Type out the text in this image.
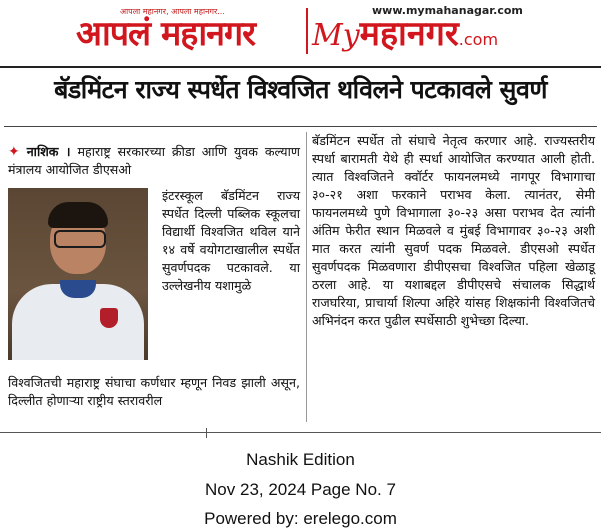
आपला महानगर, आपला महानगर...
आपलं महानगर
www.mymahanagar.com
Myमहानगर.com
बॅडमिंटन राज्य स्पर्धेत विश्वजित थविलने पटकावले सुवर्ण

✦ नाशिक । महाराष्ट्र सरकारच्या क्रीडा आणि युवक कल्याण मंत्रालय आयोजित डीएसओ

इंटरस्कूल बॅडमिंटन राज्य स्पर्धेत दिल्ली पब्लिक स्कूलचा विद्यार्थी विश्वजित थविल याने १४ वर्षे वयोगटाखालील स्पर्धेत सुवर्णपदक पटकावले. या उल्लेखनीय यशामुळे

विश्वजितची महाराष्ट्र संघाचा कर्णधार म्हणून निवड झाली असून, दिल्लीत होणाऱ्या राष्ट्रीय स्तरावरील

बॅडमिंटन स्पर्धेत तो संघाचे नेतृत्व करणार आहे. राज्यस्तरीय स्पर्धा बारामती येथे ही स्पर्धा आयोजित करण्यात आली होती. त्यात विश्वजितने क्वॉर्टर फायनलमध्ये नागपूर विभागाचा ३०-२१ अशा फरकाने पराभव केला. त्यानंतर, सेमी फायनलमध्ये पुणे विभागाला ३०-२३ असा पराभव देत त्यांनी अंतिम फेरीत स्थान मिळवले व मुंबई विभागावर ३०-२३ अशी मात करत त्यांनी सुवर्ण पदक मिळवले. डीएसओ स्पर्धेत सुवर्णपदक मिळवणारा डीपीएसचा विश्वजित पहिला खेळाडू ठरला आहे. या यशाबद्दल डीपीएसचे संचालक सिद्धार्थ राजघरिया, प्राचार्या शिल्पा अहिरे यांसह शिक्षकांनी विश्वजितचे अभिनंदन करत पुढील स्पर्धेसाठी शुभेच्छा दिल्या.

Nashik Edition
Nov 23, 2024 Page No. 7
Powered by: erelego.com
